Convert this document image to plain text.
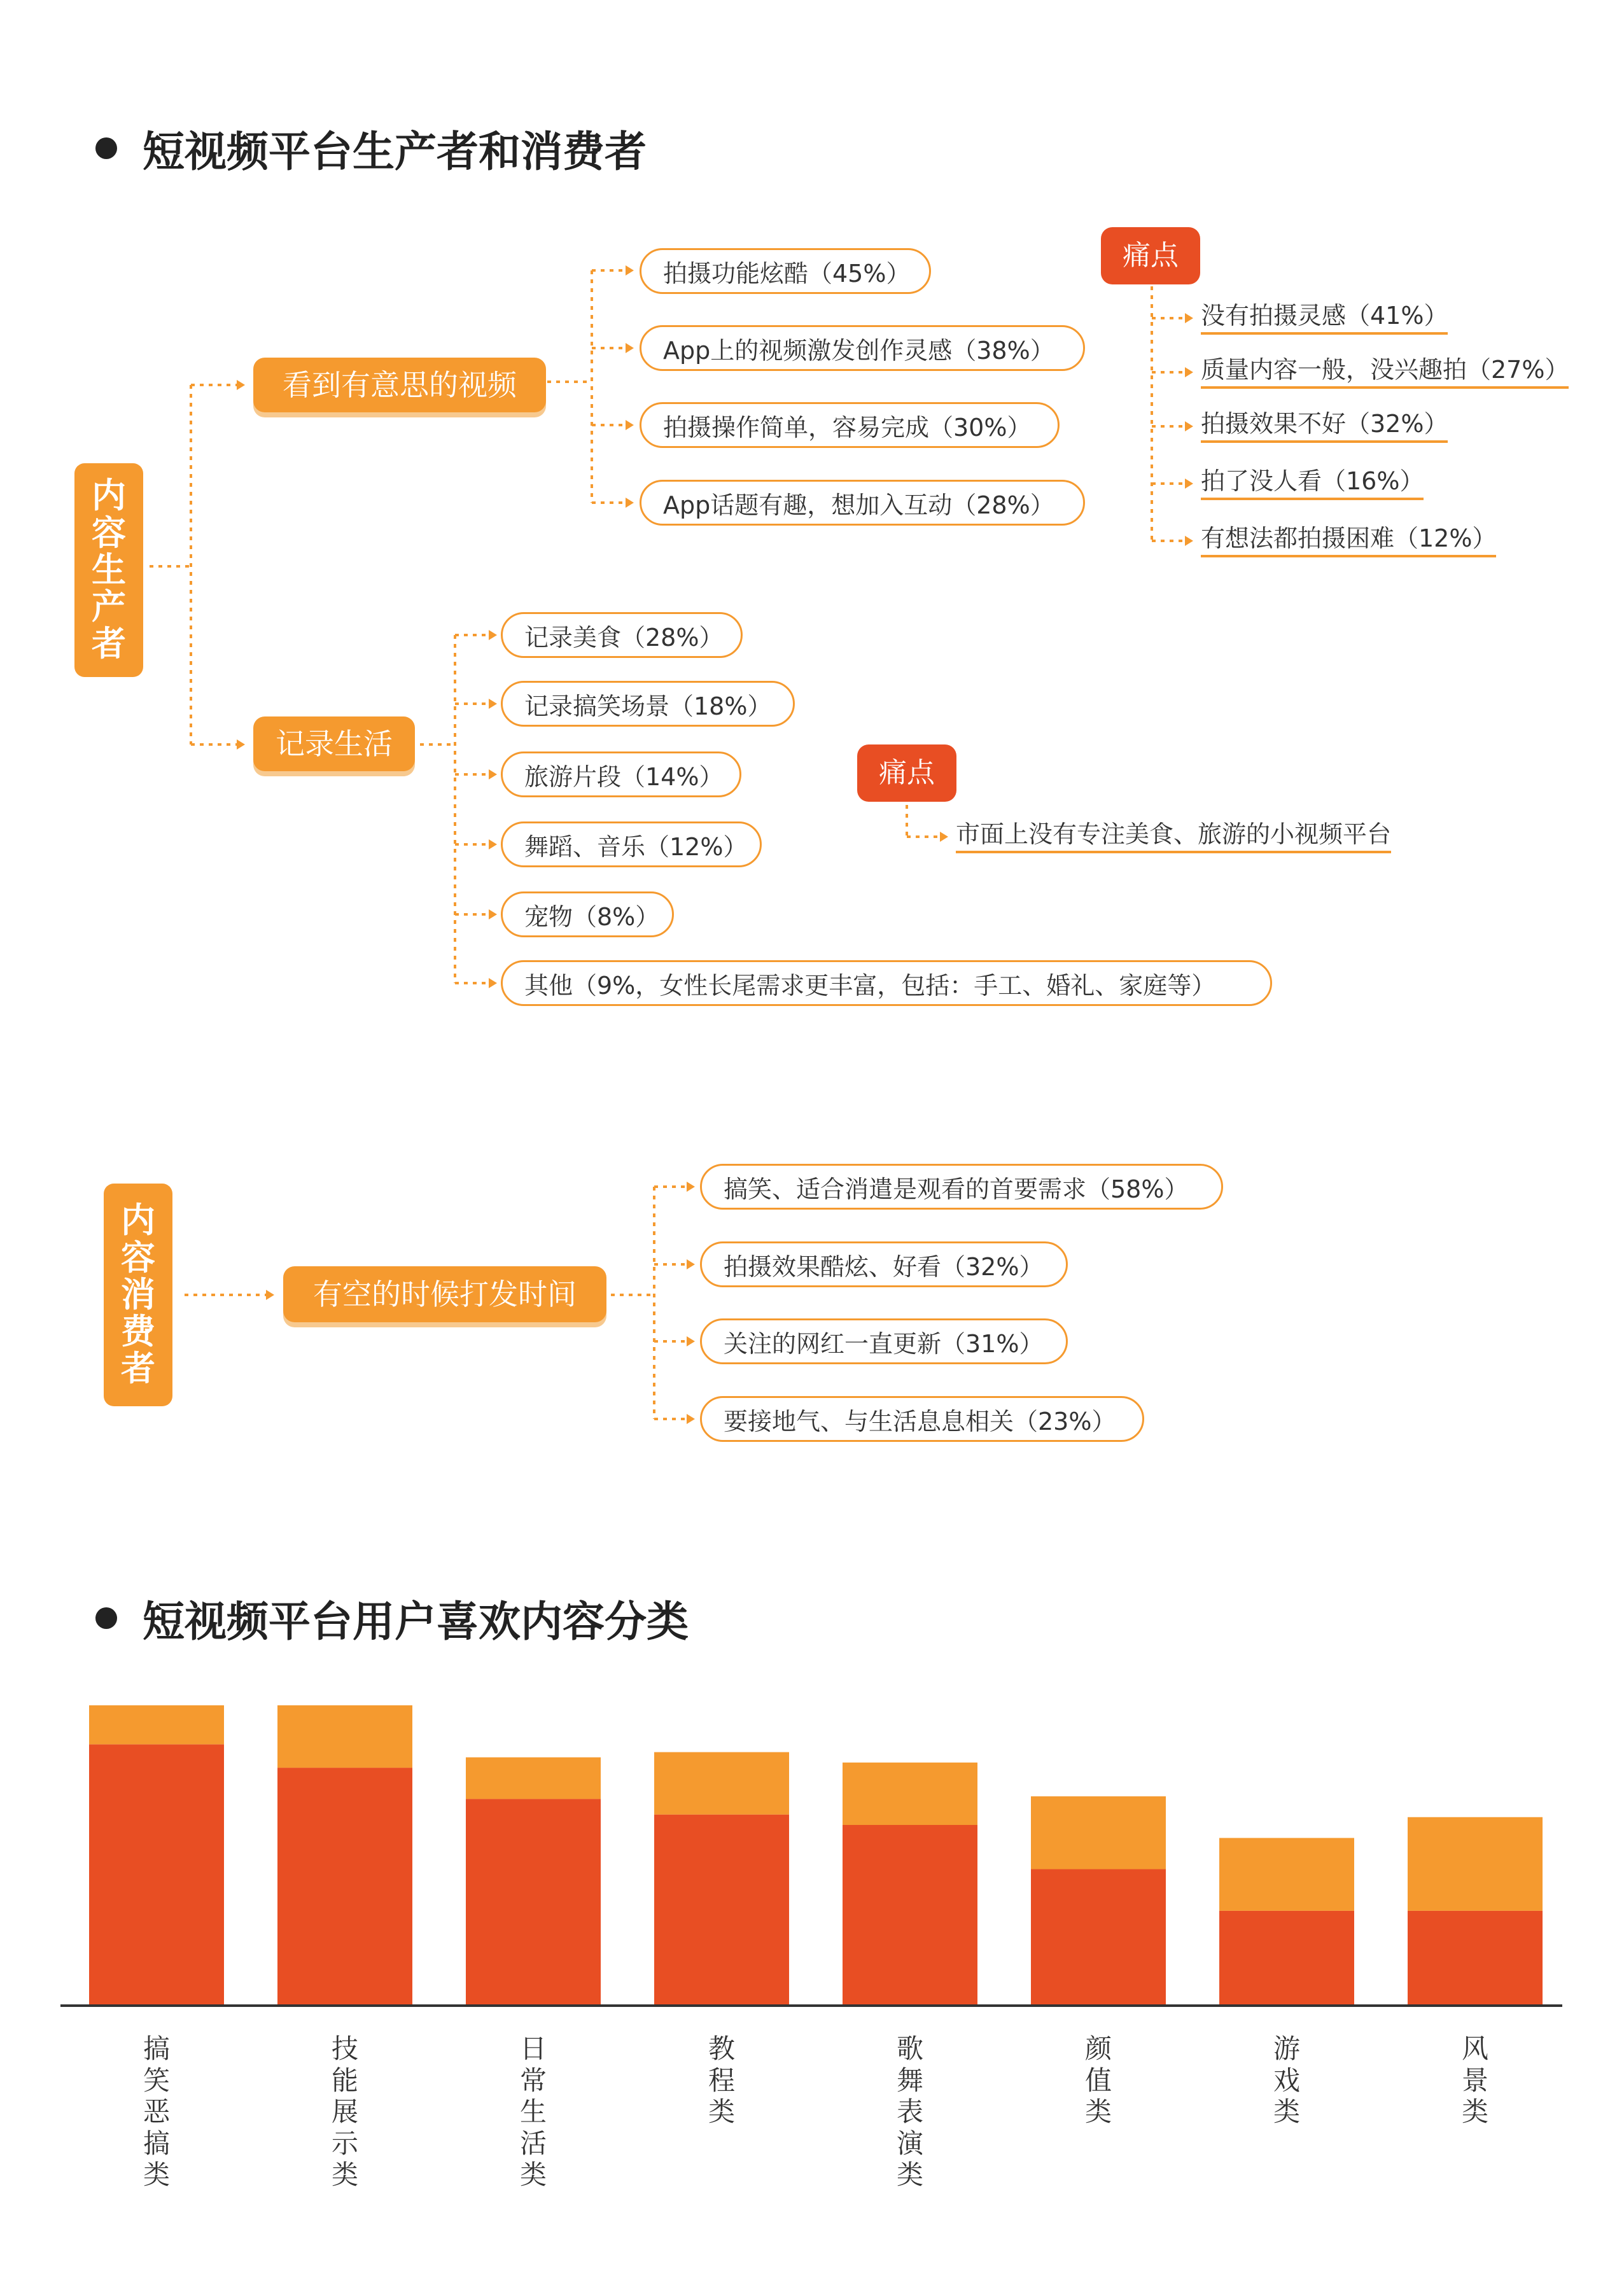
短视频平台生产者和消费者
内
容
生
产
者
看到有意思的视频
拍摄功能炫酷（45%）
App上的视频激发创作灵感（38%）
拍摄操作简单，容易完成（30%）
App话题有趣，想加入互动（28%）
痛点
没有拍摄灵感（41%）
质量内容一般，没兴趣拍（27%）
拍摄效果不好（32%）
拍了没人看（16%）
有想法都拍摄困难（12%）
记录生活
记录美食（28%）
记录搞笑场景（18%）
旅游片段（14%）
舞蹈、音乐（12%）
宠物（8%）
其他（9%，女性长尾需求更丰富，包括：手工、婚礼、家庭等）
痛点
市面上没有专注美食、旅游的小视频平台
内
容
消
费
者
有空的时候打发时间
搞笑、适合消遣是观看的首要需求（58%）
拍摄效果酷炫、好看（32%）
关注的网红一直更新（31%）
要接地气、与生活息息相关（23%）
短视频平台用户喜欢内容分类
搞
笑
恶
搞
类
技
能
展
示
类
日
常
生
活
类
教
程
类
歌
舞
表
演
类
颜
值
类
游
戏
类
风
景
类
